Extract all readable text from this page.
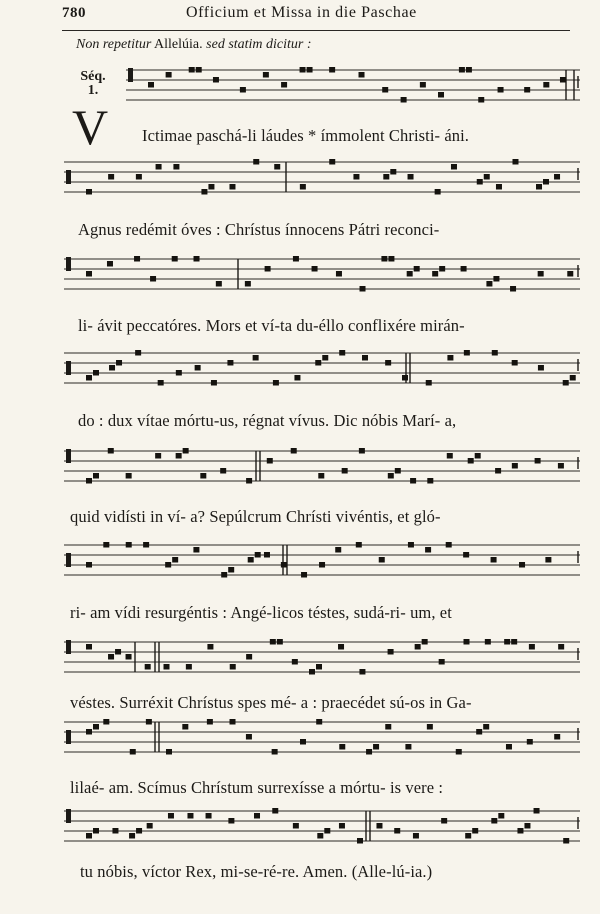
780	Officium et Missa in die Paschae
Non repetitur Allelúia. sed statim dicitur :
Séq.
1.
V Ictimae paschá-li láudes * ímmolent Christi- áni.
Agnus redémit óves : Chrístus ínnocens Pátri reconci-
li- ávit peccatóres. Mors et ví-ta du-éllo conflixére mirán-
do : dux vítae mórtu-us, régnat vívus. Dic nóbis Marí- a,
quid vidísti in ví- a? Sepúlcrum Chrísti vivéntis, et gló-
ri- am vídi resurgéntis : Angé-licos téstes, sudá-ri- um, et
véstes. Surréxit Chrístus spes mé- a : praecédet sú-os in Ga-
lilaé- am. Scímus Chrístum surrexísse a mórtu- is vere :
tu nóbis, víctor Rex, mi-se-ré-re. Amen. (Alle-lú-ia.)
